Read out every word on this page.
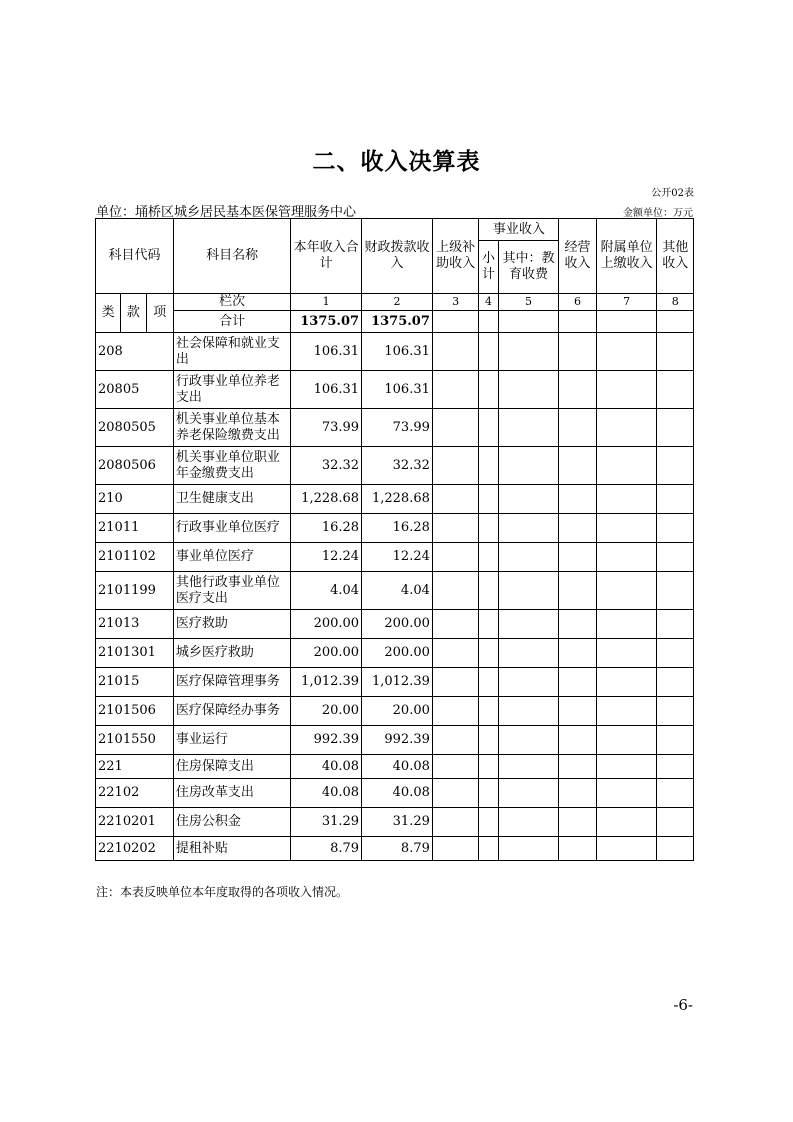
二、收入决算表
公开02表
单位：埇桥区城乡居民基本医保管理服务中心	金额单位：万元
科目代码			科目名称	本年收入合计	财政拨款收入	上级补助收入	事业收入		经营收入	附属单位上缴收入	其他收入
							小计	其中：教育收费			

类	款	项	栏次	1	2	3	4	5	6	7	8
			合计	1375.07	1375.07						
208			社会保障和就业支出	106.31	106.31						
20805			行政事业单位养老支出	106.31	106.31						
2080505			机关事业单位基本养老保险缴费支出	73.99	73.99						
2080506			机关事业单位职业年金缴费支出	32.32	32.32						
210			卫生健康支出	1,228.68	1,228.68						
21011			行政事业单位医疗	16.28	16.28						
2101102			事业单位医疗	12.24	12.24						
2101199			其他行政事业单位医疗支出	4.04	4.04						
21013			医疗救助	200.00	200.00						
2101301			城乡医疗救助	200.00	200.00						
21015			医疗保障管理事务	1,012.39	1,012.39						
2101506			医疗保障经办事务	20.00	20.00						
2101550			事业运行	992.39	992.39						
221			住房保障支出	40.08	40.08						
22102			住房改革支出	40.08	40.08						
2210201			住房公积金	31.29	31.29						
2210202			提租补贴	8.79	8.79						
注：本表反映单位本年度取得的各项收入情况。
-6-
